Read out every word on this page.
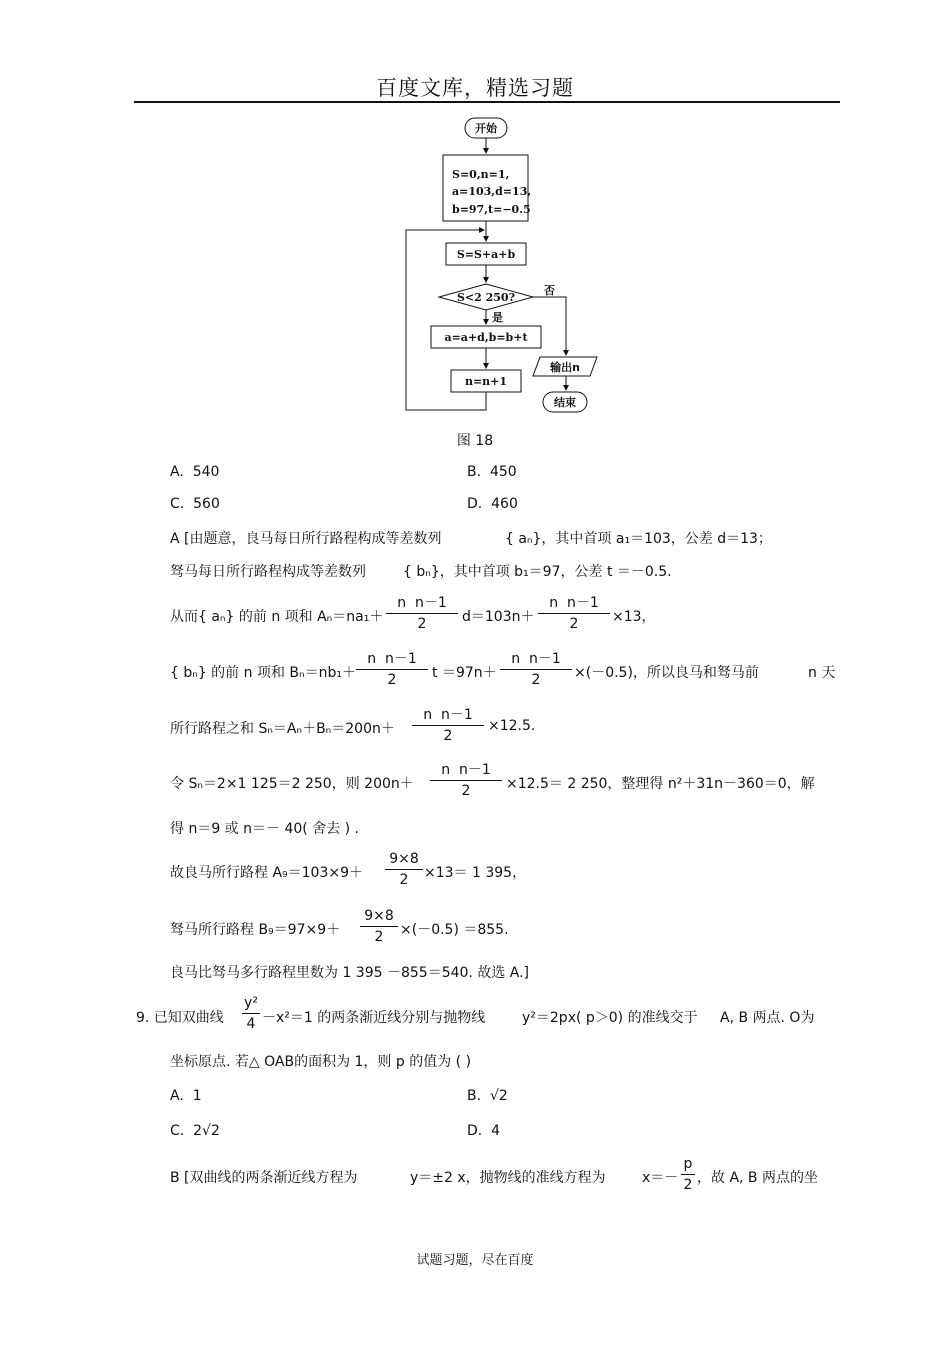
百度文库，精选习题
开始
S=0,n=1,
a=103,d=13,
b=97,t=−0.5
S=S+a+b
S<2 250?
否
是
a=a+d,b=b+t
n=n+1
输出n
结束
图 18
A. 540	B. 450
C. 560	D. 460
A [由题意，良马每日所行路程构成等差数列	{ aₙ}，其中首项 a₁＝103，公差 d＝13；
驽马每日所行路程构成等差数列	{ bₙ}，其中首项 b₁＝97，公差 t ＝－0.5.
从而{ aₙ} 的前 n 项和 Aₙ＝na₁＋
n n－1
2	d＝103n＋
n n－1
2	×13，
{ bₙ} 的前 n 项和 Bₙ＝nb₁＋
n n－1
2	t ＝97n＋
n n－1
2	×(－0.5)，所以良马和驽马前	n 天
所行路程之和 Sₙ＝Aₙ＋Bₙ＝200n＋
n n－1
2
×12.5.
令 Sₙ＝2×1 125＝2 250，则 200n＋
n n－1
2	×12.5＝ 2 250，整理得 n²＋31n－360＝0，解
得 n＝9 或 n＝－ 40( 舍去 ) .
故良马所行路程 A₉＝103×9＋
9×8
2	×13＝ 1 395，
驽马所行路程 B₉＝97×9＋
9×8
2	×(－0.5) ＝855.
良马比驽马多行路程里数为 1 395 －855＝540. 故选 A.]
9. 已知双曲线
y²
4 －x²＝1 的两条渐近线分别与抛物线	y²＝2px( p＞0) 的准线交于 A, B 两点. O为
坐标原点. 若△ OAB的面积为 1，则 p 的值为 ( )
A. 1	B. √2
C. 2√2	D. 4
B [双曲线的两条渐近线方程为	y＝±2 x，抛物线的准线方程为	x＝－
p
2 ，故 A, B 两点的坐
试题习题，尽在百度
